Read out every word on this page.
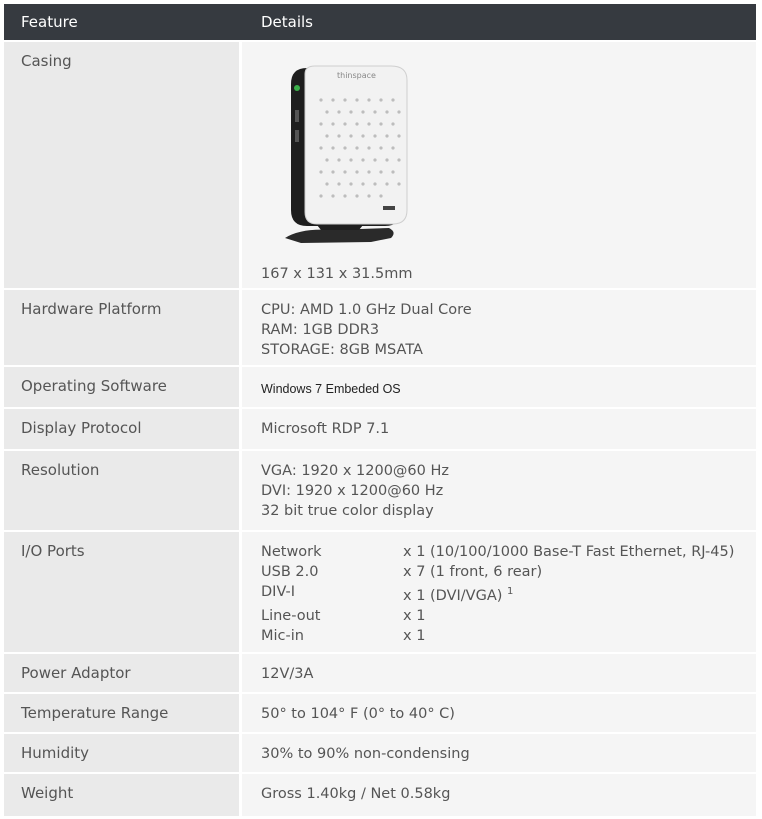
Feature	Details
Casing
thinspace
167 x 131 x 31.5mm
Hardware Platform	CPU: AMD 1.0 GHz Dual Core
RAM: 1GB DDR3
STORAGE: 8GB MSATA
Operating Software	Windows 7 Embeded OS
Display Protocol	Microsoft RDP 7.1
Resolution	VGA: 1920 x 1200@60 Hz
DVI: 1920 x 1200@60 Hz
32 bit true color display
I/O Ports	Network	x 1 (10/100/1000 Base-T Fast Ethernet, RJ-45)
USB 2.0	x 7 (1 front, 6 rear)
DIV-I	x 1 (DVI/VGA) $^1$
Line-out	x 1
Mic-in	x 1
Power Adaptor	12V/3A
Temperature Range	50° to 104° F (0° to 40° C)
Humidity	30% to 90% non-condensing
Weight	Gross 1.40kg / Net 0.58kg
